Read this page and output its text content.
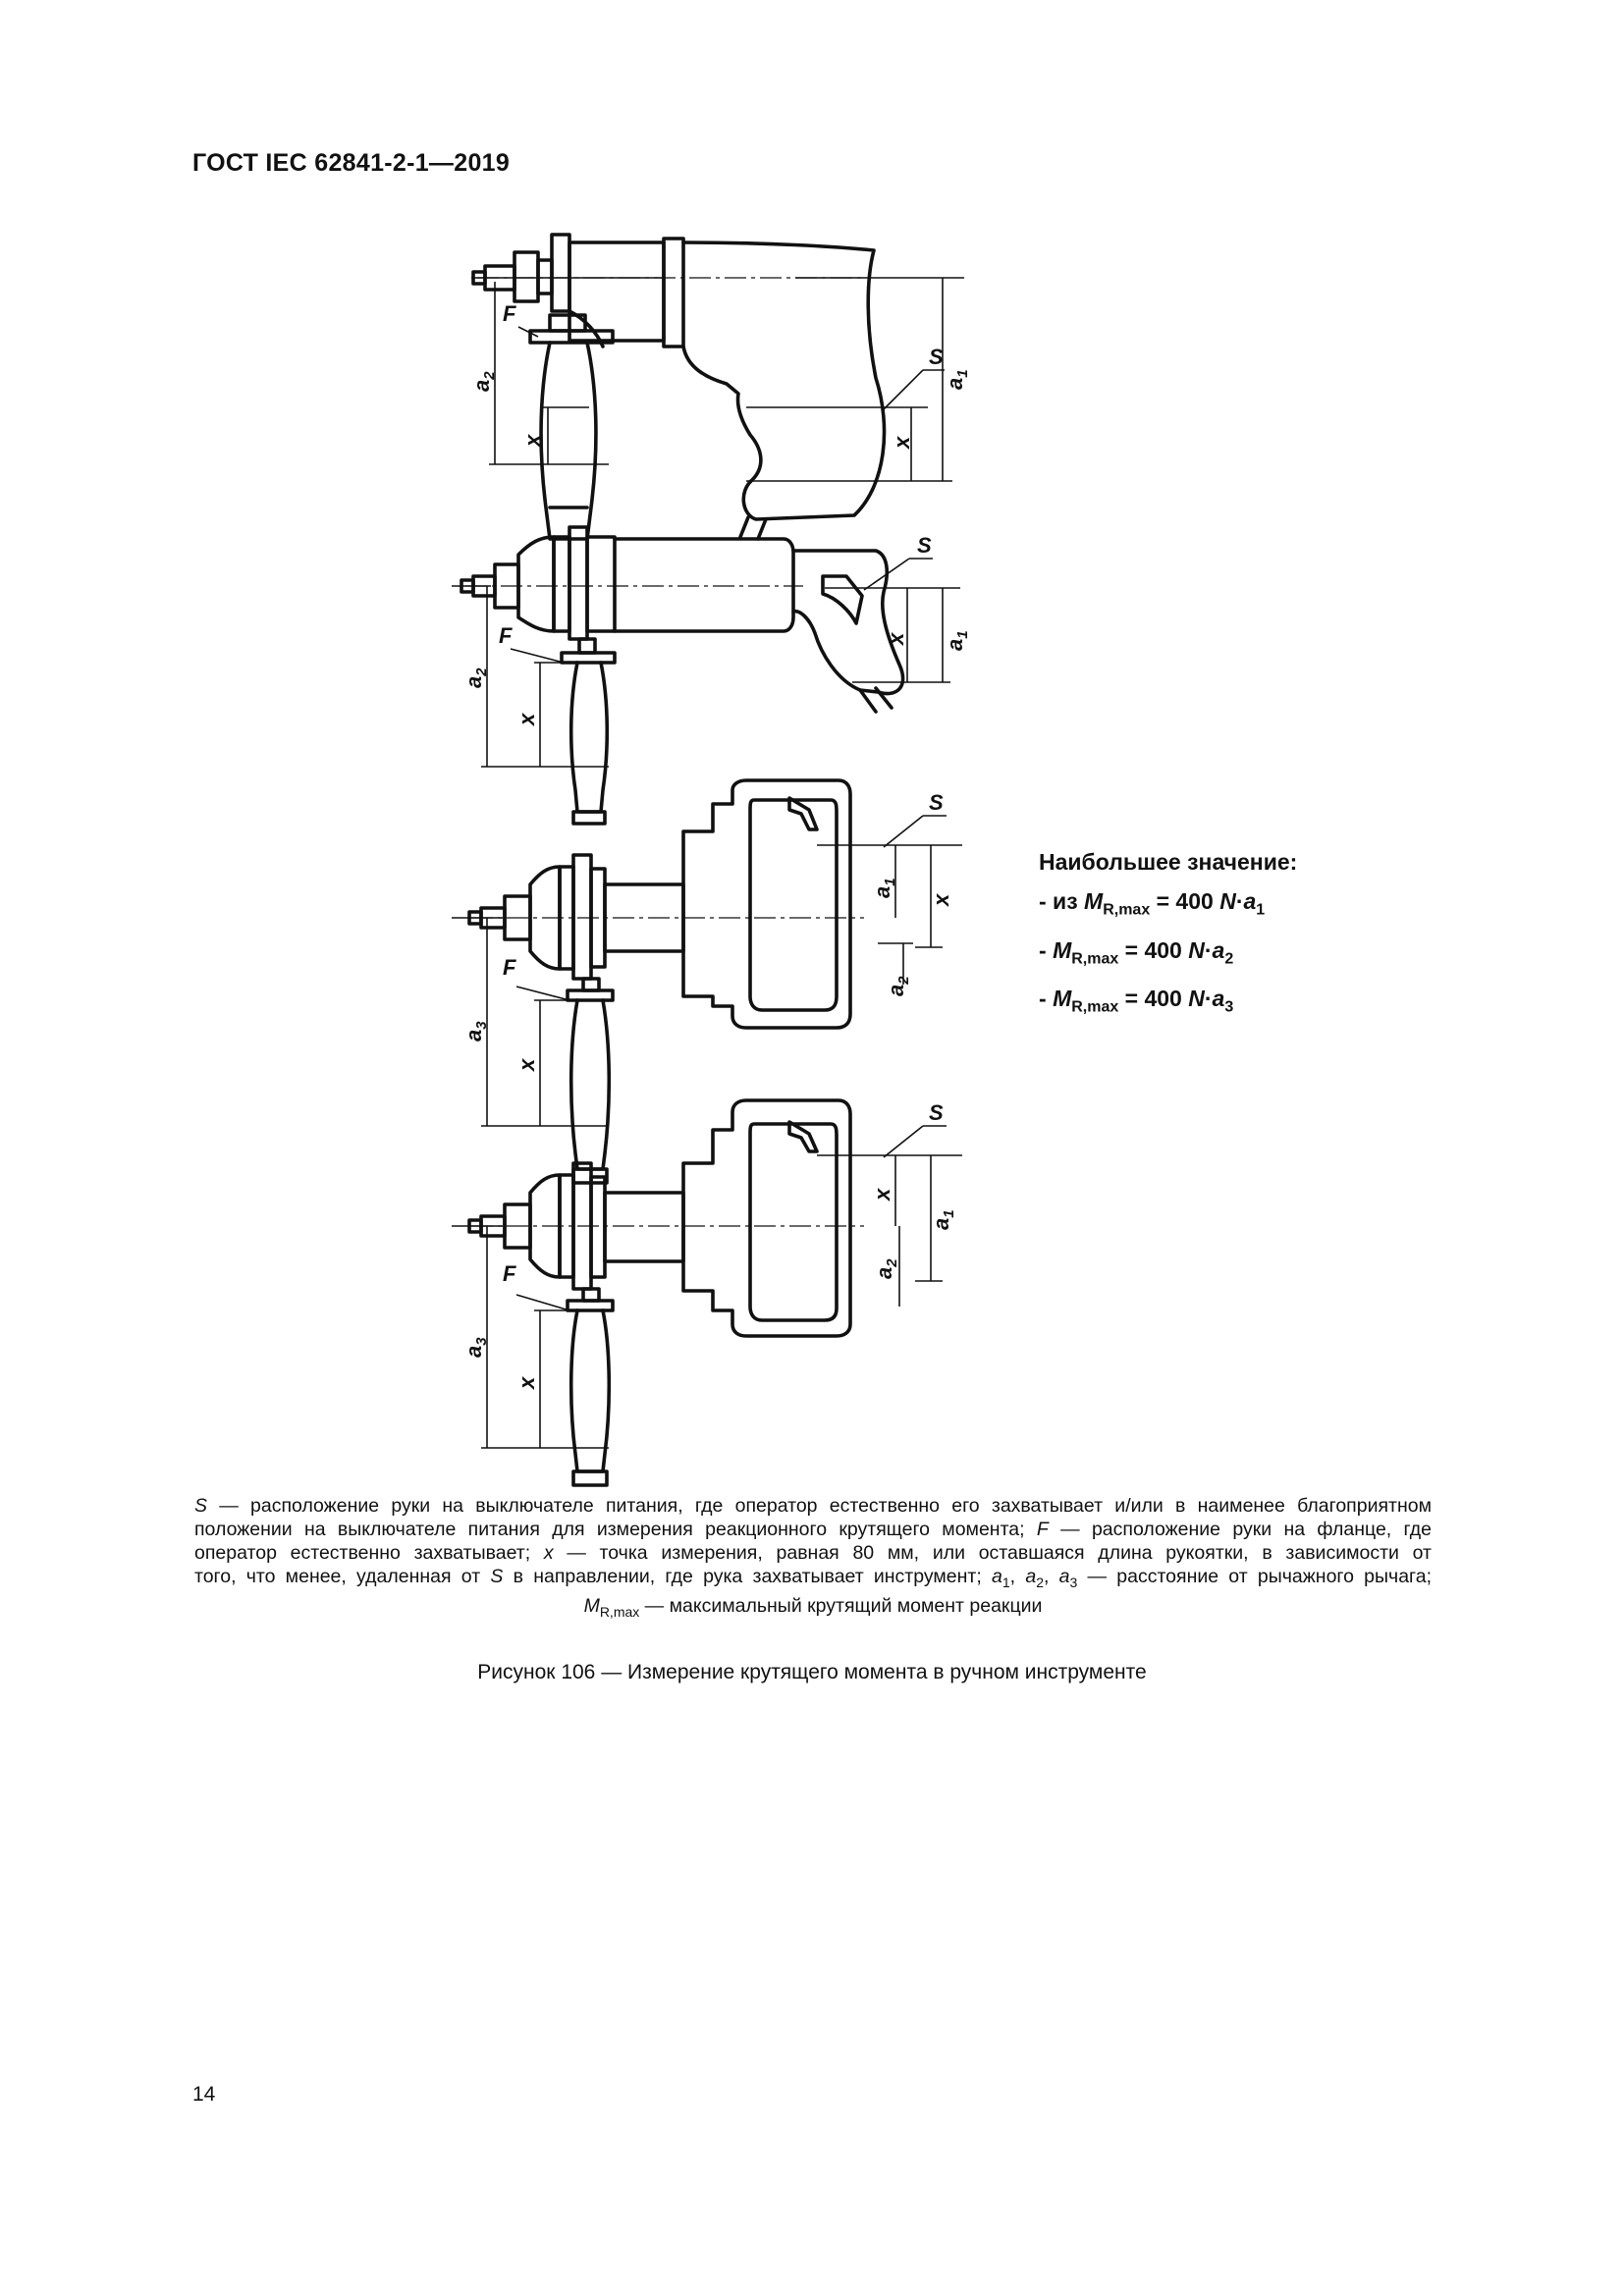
ГОСТ IEC 62841-2-1—2019
F
S
$a_2$
x	x
$a_1$
F
S
$a_2$
x
x $a_1$
F
S
$a_3$
x
$a_1$
x
$a_2$
F
S
$a_3$
x
x
$a_1$
$a_2$
Наибольшее значение:
- из $M_{R,max} = 400$ $N\cdot a_1$
- $M_{R,max} = 400$ $N\cdot a_2$
- $M_{R,max} = 400$ $N\cdot a_3$
S — расположение руки на выключателе питания, где оператор естественно его захватывает и/или в наименее благоприятном
положении на выключателе питания для измерения реакционного крутящего момента; F — расположение руки на фланце, где
оператор естественно захватывает; x — точка измерения, равная 80 мм, или оставшаяся длина рукоятки, в зависимости от
того, что менее, удаленная от S в направлении, где рука захватывает инструмент; $a_1$, $a_2$, $a_3$ — расстояние от рычажного рычага;
$M_{R,max}$ — максимальный крутящий момент реакции
Рисунок 106 — Измерение крутящего момента в ручном инструменте
14
